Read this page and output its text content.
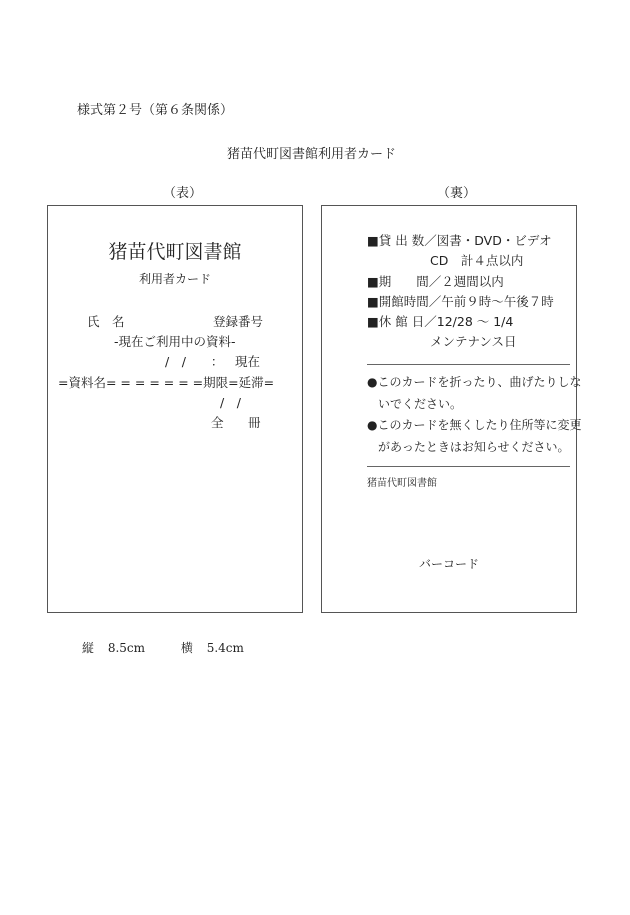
様式第２号（第６条関係）
猪苗代町図書館利用者カード
（表）	（裏）
猪苗代町図書館
利用者カード
氏　名	登録番号
-現在ご利用中の資料-
/　/　　： 現在
=資料名= = = = = = =期限=延滞=
/　/
全 冊
■貸 出 数／図書・DVD・ビデオ
CD　計４点以内
■期　　間／２週間以内
■開館時間／午前９時～午後７時
■休 館 日／12/28 ～ 1/4
メンテナンス日
●このカードを折ったり、曲げたりしな
いでください。
●このカードを無くしたり住所等に変更
があったときはお知らせください。
猪苗代町図書館
バーコード
縦 8.5cm	横 5.4cm
